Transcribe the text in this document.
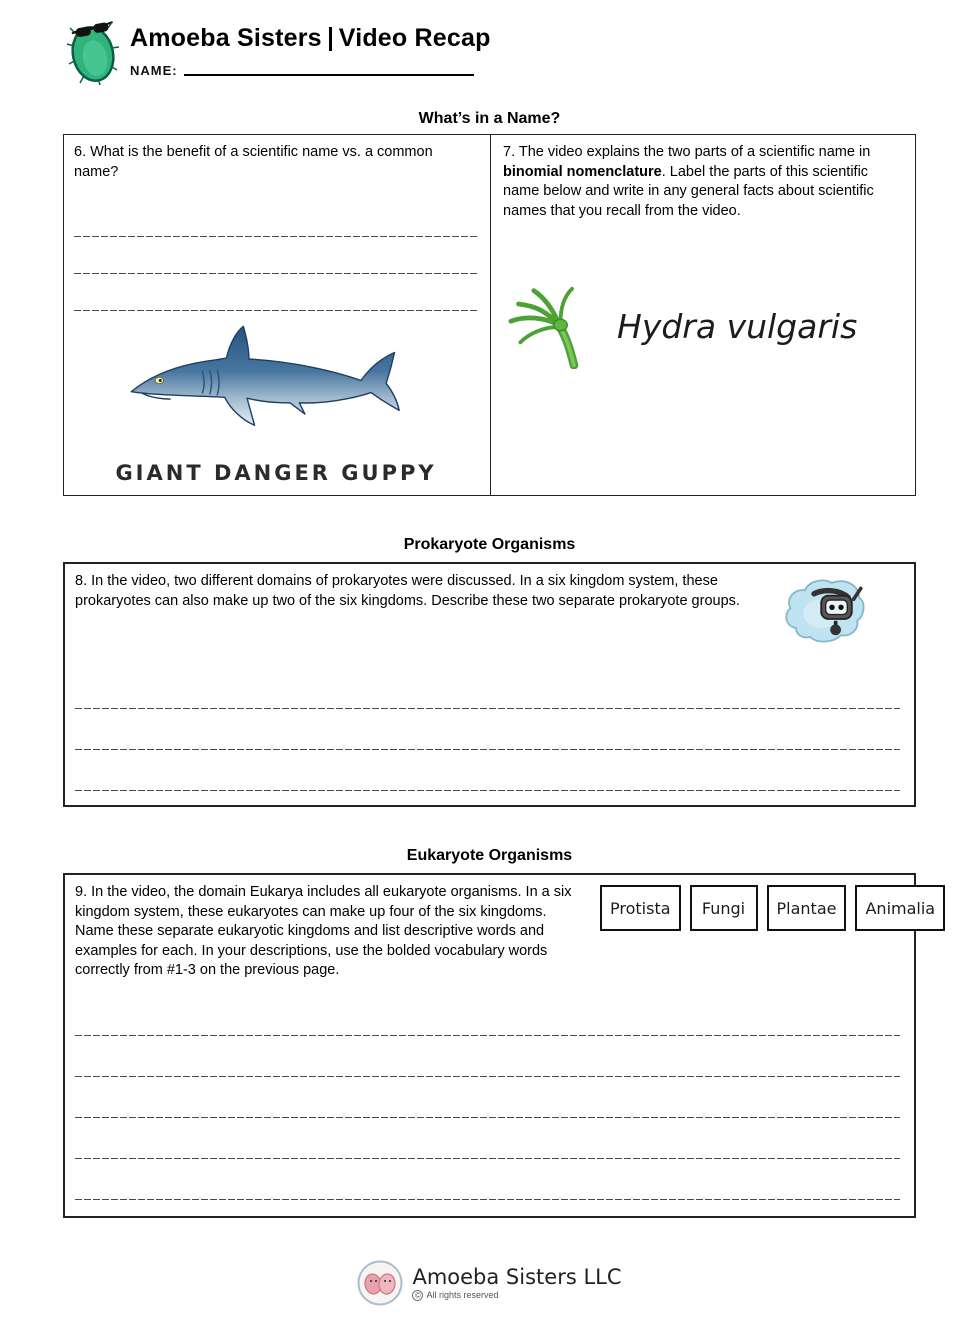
Amoeba Sisters Video Recap
NAME:
What’s in a Name?
6. What is the benefit of a scientific name vs. a common name?
GIANT DANGER GUPPY
7. The video explains the two parts of a scientific name in binomial nomenclature. Label the parts of this scientific name below and write in any general facts about scientific names that you recall from the video.
Hydra vulgaris
Prokaryote Organisms
8. In the video, two different domains of prokaryotes were discussed. In a six kingdom system, these prokaryotes can also make up two of the six kingdoms. Describe these two separate prokaryote groups.
Eukaryote Organisms
9. In the video, the domain Eukarya includes all eukaryote organisms. In a six kingdom system, these eukaryotes can make up four of the six kingdoms. Name these separate eukaryotic kingdoms and list descriptive words and examples for each. In your descriptions, use the bolded vocabulary words correctly from #1-3 on the previous page.
Protista	Fungi	Plantae	Animalia
Amoeba Sisters LLC
© All rights reserved
